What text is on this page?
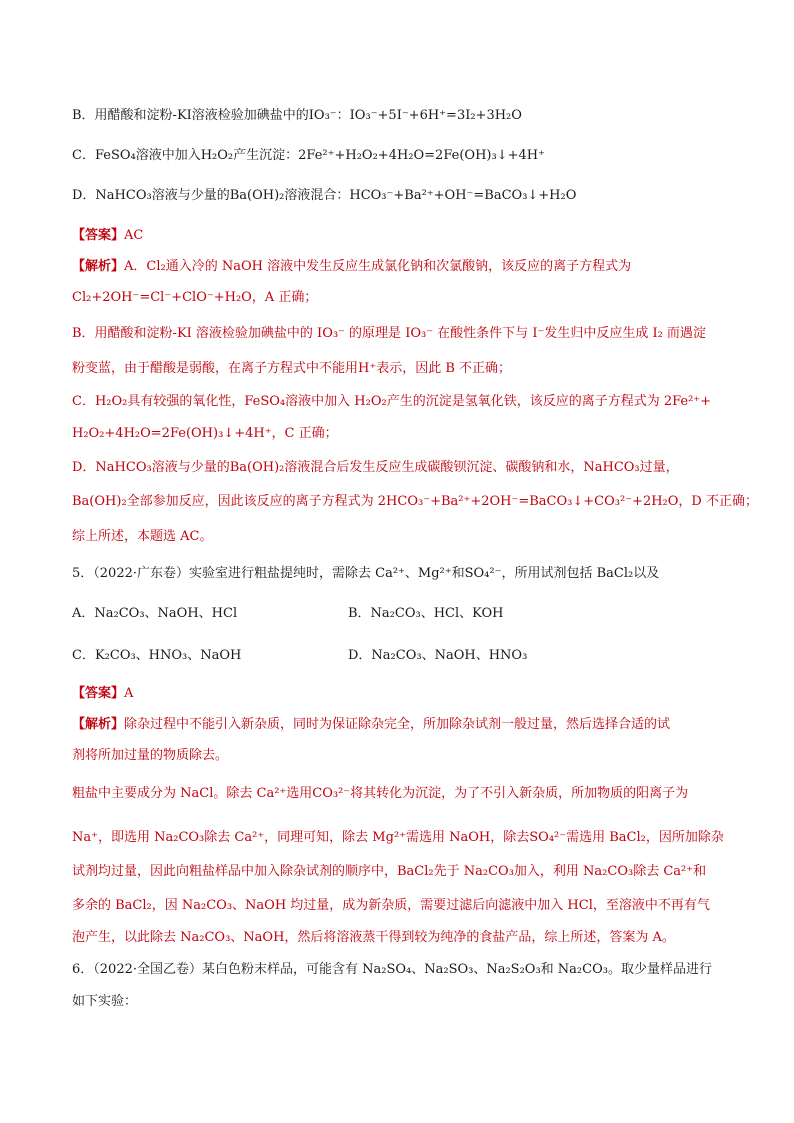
B．用醋酸和淀粉-KI溶液检验加碘盐中的IO₃⁻：IO₃⁻+5I⁻+6H⁺=3I₂+3H₂O
C．FeSO₄溶液中加入H₂O₂产生沉淀：2Fe²⁺+H₂O₂+4H₂O=2Fe(OH)₃↓+4H⁺
D．NaHCO₃溶液与少量的Ba(OH)₂溶液混合：HCO₃⁻+Ba²⁺+OH⁻=BaCO₃↓+H₂O
【答案】AC
【解析】A．Cl₂通入冷的 NaOH 溶液中发生反应生成氯化钠和次氯酸钠，该反应的离子方程式为
Cl₂+2OH⁻=Cl⁻+ClO⁻+H₂O，A 正确；
B．用醋酸和淀粉-KI 溶液检验加碘盐中的 IO₃⁻ 的原理是 IO₃⁻ 在酸性条件下与 I⁻发生归中反应生成 I₂ 而遇淀
粉变蓝，由于醋酸是弱酸，在离子方程式中不能用H⁺表示，因此 B 不正确；
C．H₂O₂具有较强的氧化性，FeSO₄溶液中加入 H₂O₂产生的沉淀是氢氧化铁，该反应的离子方程式为 2Fe²⁺+
H₂O₂+4H₂O=2Fe(OH)₃↓+4H⁺，C 正确；
D．NaHCO₃溶液与少量的Ba(OH)₂溶液混合后发生反应生成碳酸钡沉淀、碳酸钠和水，NaHCO₃过量，
Ba(OH)₂全部参加反应，因此该反应的离子方程式为 2HCO₃⁻+Ba²⁺+2OH⁻=BaCO₃↓+CO₃²⁻+2H₂O，D 不正确；
综上所述，本题选 AC。
5．（2022·广东卷）实验室进行粗盐提纯时，需除去 Ca²⁺、Mg²⁺和SO₄²⁻，所用试剂包括 BaCl₂以及
A．Na₂CO₃、NaOH、HCl	B．Na₂CO₃、HCl、KOH
C．K₂CO₃、HNO₃、NaOH	D．Na₂CO₃、NaOH、HNO₃
【答案】A
【解析】除杂过程中不能引入新杂质，同时为保证除杂完全，所加除杂试剂一般过量，然后选择合适的试
剂将所加过量的物质除去。
粗盐中主要成分为 NaCl。除去 Ca²⁺选用CO₃²⁻将其转化为沉淀，为了不引入新杂质，所加物质的阳离子为
Na⁺，即选用 Na₂CO₃除去 Ca²⁺，同理可知，除去 Mg²⁺需选用 NaOH，除去SO₄²⁻需选用 BaCl₂，因所加除杂
试剂均过量，因此向粗盐样品中加入除杂试剂的顺序中，BaCl₂先于 Na₂CO₃加入，利用 Na₂CO₃除去 Ca²⁺和
多余的 BaCl₂，因 Na₂CO₃、NaOH 均过量，成为新杂质，需要过滤后向滤液中加入 HCl，至溶液中不再有气
泡产生，以此除去 Na₂CO₃、NaOH，然后将溶液蒸干得到较为纯净的食盐产品，综上所述，答案为 A。
6．（2022·全国乙卷）某白色粉末样品，可能含有 Na₂SO₄、Na₂SO₃、Na₂S₂O₃和 Na₂CO₃。取少量样品进行
如下实验：
